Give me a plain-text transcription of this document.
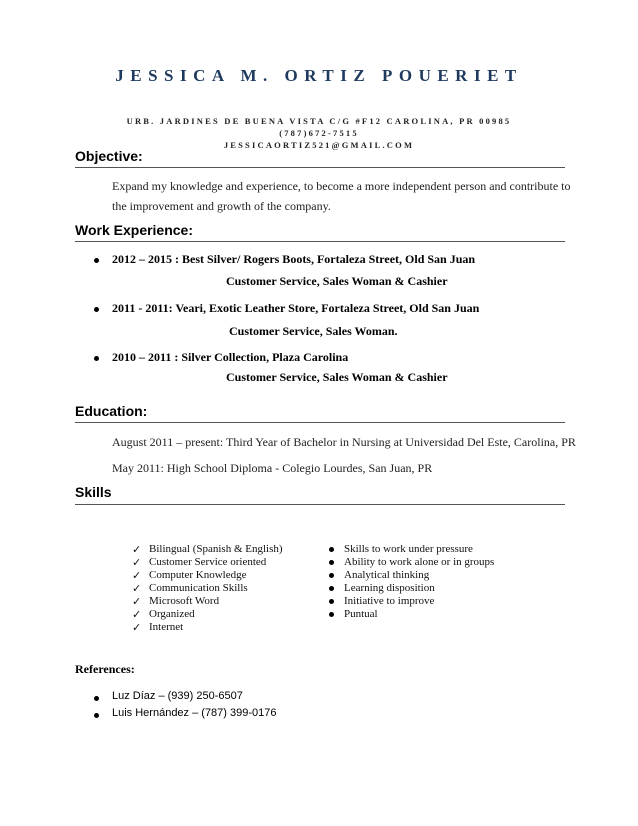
JESSICA M. ORTIZ POUERIET
URB. JARDINES DE BUENA VISTA C/G #F12 CAROLINA, PR 00985
(787)672-7515
JESSICAORTIZ521@GMAIL.COM
Objective:
Expand my knowledge and experience, to become a more independent person and contribute to the improvement and growth of the company.
Work Experience:
2012 – 2015 : Best Silver/ Rogers Boots, Fortaleza Street, Old San Juan
Customer Service, Sales Woman & Cashier
2011 - 2011: Veari, Exotic Leather Store, Fortaleza Street, Old San Juan
Customer Service, Sales Woman.
2010 – 2011 : Silver Collection, Plaza Carolina
Customer Service, Sales Woman & Cashier
Education:
August 2011 – present: Third Year of Bachelor in Nursing at Universidad Del Este, Carolina, PR
May 2011: High School Diploma - Colegio Lourdes, San Juan, PR
Skills
✓ Bilingual (Spanish & English)
✓ Customer Service oriented
✓ Computer Knowledge
✓ Communication Skills
✓ Microsoft Word
✓ Organized
✓ Internet
Skills to work under pressure
Ability to work alone or in groups
Analytical thinking
Learning disposition
Initiative to improve
Puntual
References:
Luz Díaz – (939) 250-6507
Luis Hernández – (787) 399-0176
